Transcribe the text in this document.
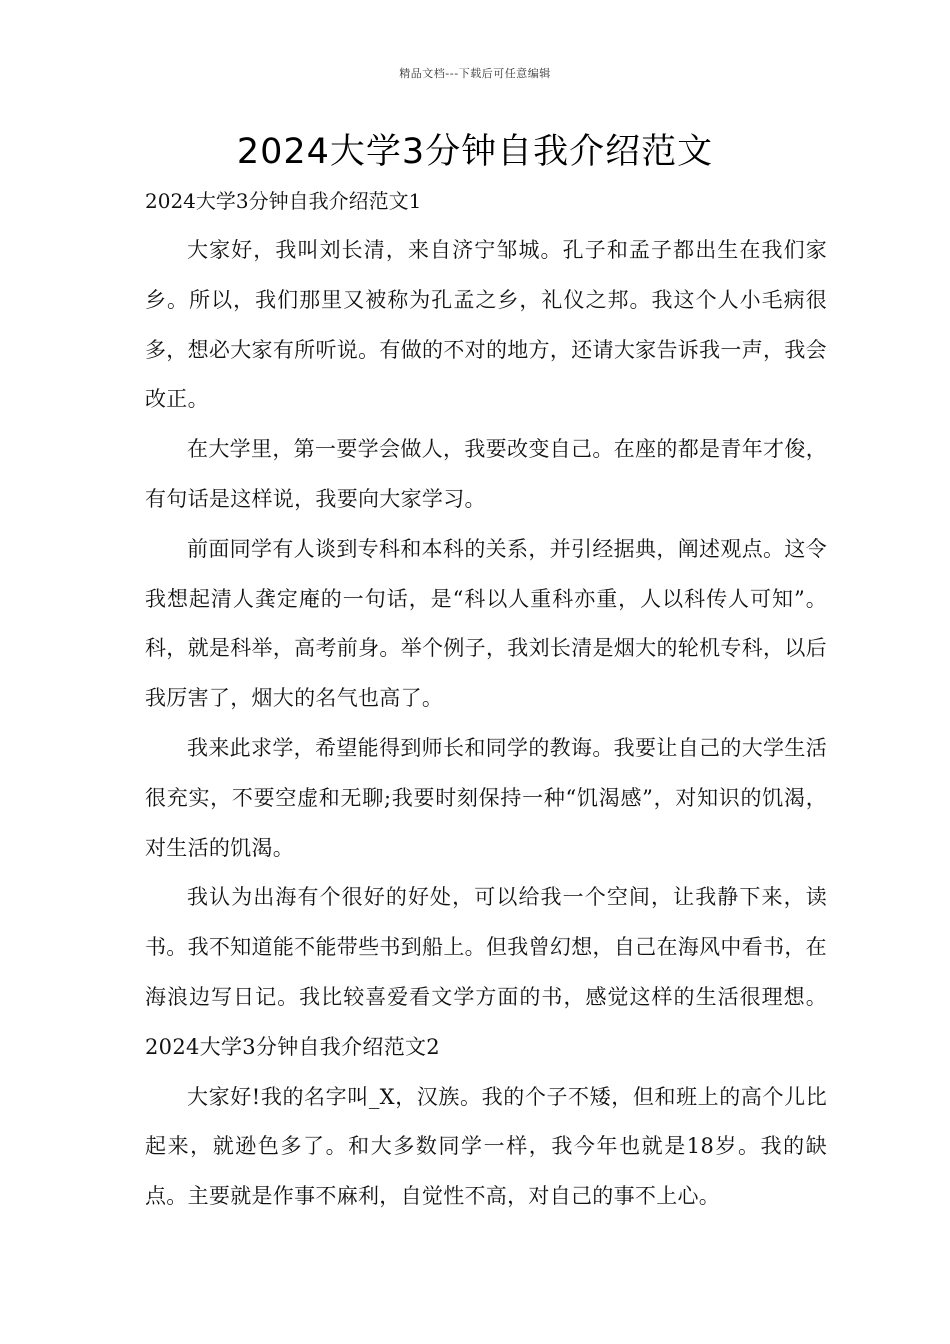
精品文档---下载后可任意编辑
2024大学3分钟自我介绍范文
2024大学3分钟自我介绍范文1

大家好，我叫刘长清，来自济宁邹城。孔子和孟子都出生在我们家乡。所以，我们那里又被称为孔孟之乡，礼仪之邦。我这个人小毛病很多，想必大家有所听说。有做的不对的地方，还请大家告诉我一声，我会改正。

在大学里，第一要学会做人，我要改变自己。在座的都是青年才俊，有句话是这样说，我要向大家学习。

前面同学有人谈到专科和本科的关系，并引经据典，阐述观点。这令我想起清人龚定庵的一句话，是“科以人重科亦重，人以科传人可知”。科，就是科举，高考前身。举个例子，我刘长清是烟大的轮机专科，以后我厉害了，烟大的名气也高了。

我来此求学，希望能得到师长和同学的教诲。我要让自己的大学生活很充实，不要空虚和无聊;我要时刻保持一种“饥渴感”，对知识的饥渴，对生活的饥渴。

我认为出海有个很好的好处，可以给我一个空间，让我静下来，读书。我不知道能不能带些书到船上。但我曾幻想，自己在海风中看书，在海浪边写日记。我比较喜爱看文学方面的书，感觉这样的生活很理想。2024大学3分钟自我介绍范文2

大家好!我的名字叫_X，汉族。我的个子不矮，但和班上的高个儿比起来，就逊色多了。和大多数同学一样，我今年也就是18岁。我的缺点。主要就是作事不麻利，自觉性不高，对自己的事不上心。
